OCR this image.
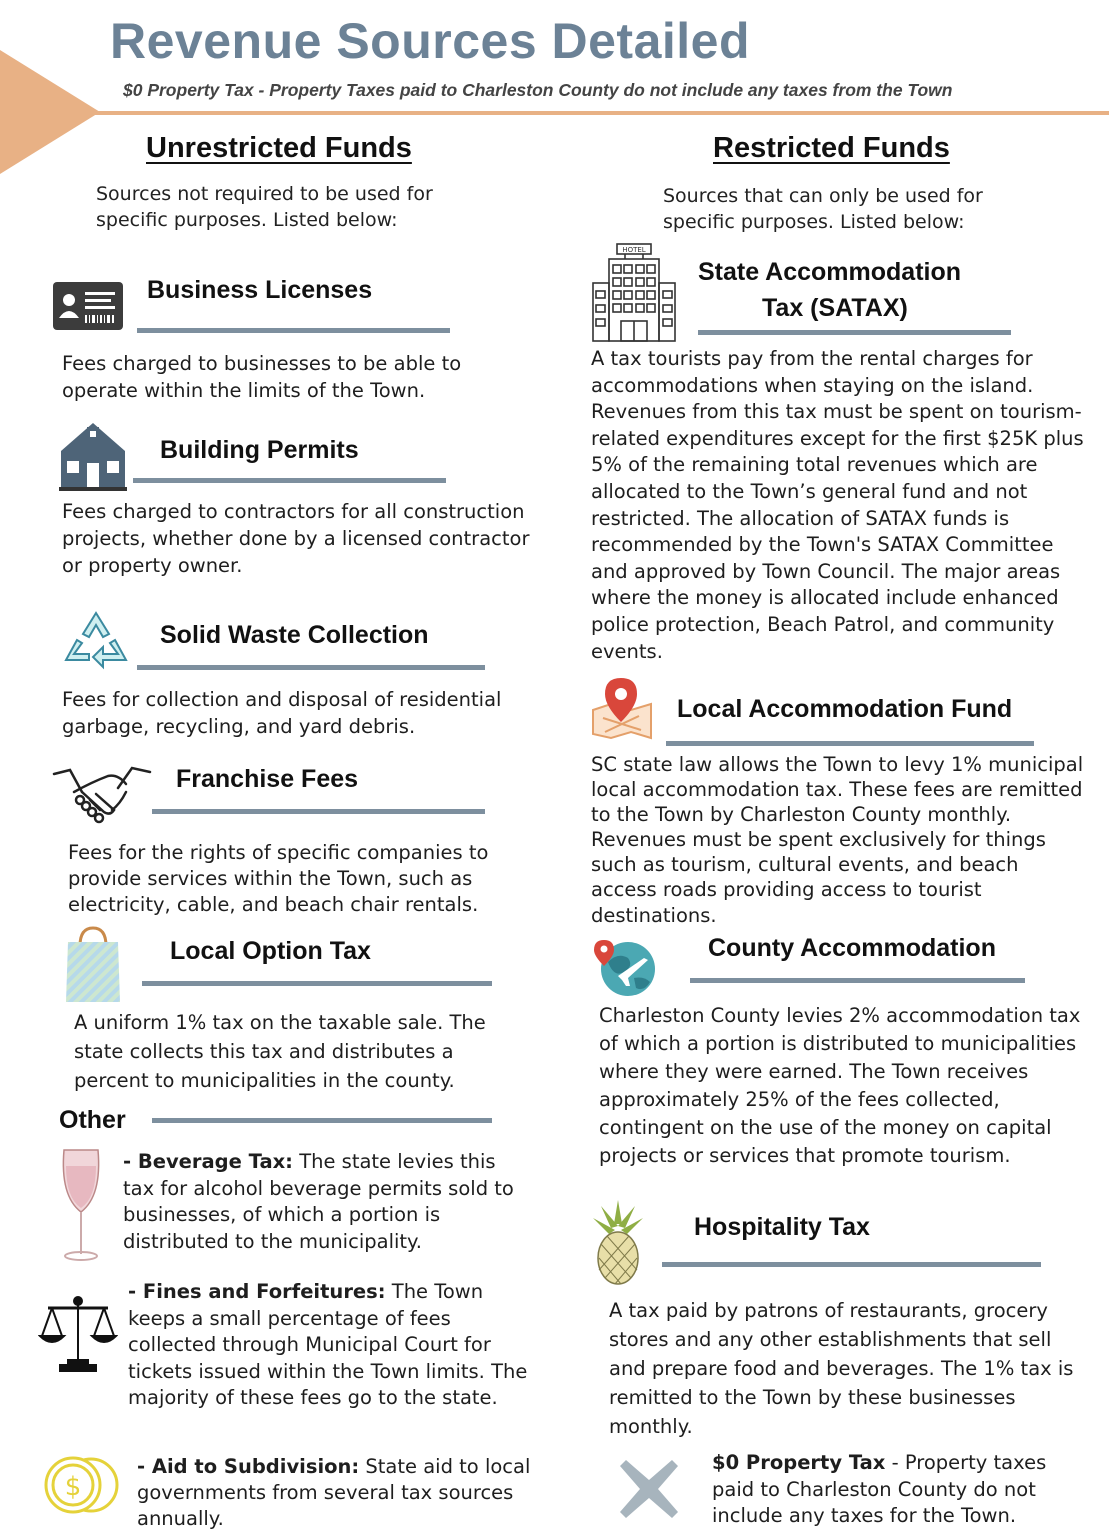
Revenue Sources Detailed
$0 Property Tax - Property Taxes paid to Charleston County do not include any taxes from the Town
Unrestricted Funds
Sources not required to be used for specific purposes. Listed below:
Business Licenses
Fees charged to businesses to be able to operate within the limits of the Town.
Building Permits
Fees charged to contractors for all construction projects, whether done by a licensed contractor or property owner.
Solid Waste Collection
Fees for collection and disposal of residential garbage, recycling, and yard debris.
Franchise Fees
Fees for the rights of specific companies to provide services within the Town, such as electricity, cable, and beach chair rentals.
Local Option Tax
A uniform 1% tax on the taxable sale. The state collects this tax and distributes a percent to municipalities in the county.
Other
- Beverage Tax: The state levies this tax for alcohol beverage permits sold to businesses, of which a portion is distributed to the municipality.
- Fines and Forfeitures: The Town keeps a small percentage of fees collected through Municipal Court for tickets issued within the Town limits. The majority of these fees go to the state.
$
- Aid to Subdivision: State aid to local governments from several tax sources annually.
Restricted Funds
Sources that can only be used for specific purposes. Listed below:
HOTEL
State Accommodation
Tax (SATAX)
A tax tourists pay from the rental charges for accommodations when staying on the island. Revenues from this tax must be spent on tourism-related expenditures except for the first $25K plus 5% of the remaining total revenues which are allocated to the Town’s general fund and not restricted. The allocation of SATAX funds is recommended by the Town's SATAX Committee and approved by Town Council. The major areas where the money is allocated include enhanced police protection, Beach Patrol, and community events.
Local Accommodation Fund
SC state law allows the Town to levy 1% municipal local accommodation tax. These fees are remitted to the Town by Charleston County monthly. Revenues must be spent exclusively for things such as tourism, cultural events, and beach access roads providing access to tourist destinations.
County Accommodation
Charleston County levies 2% accommodation tax of which a portion is distributed to municipalities where they were earned. The Town receives approximately 25% of the fees collected, contingent on the use of the money on capital projects or services that promote tourism.
Hospitality Tax
A tax paid by patrons of restaurants, grocery stores and any other establishments that sell and prepare food and beverages. The 1% tax is remitted to the Town by these businesses monthly.
$0 Property Tax - Property taxes paid to Charleston County do not include any taxes for the Town.
